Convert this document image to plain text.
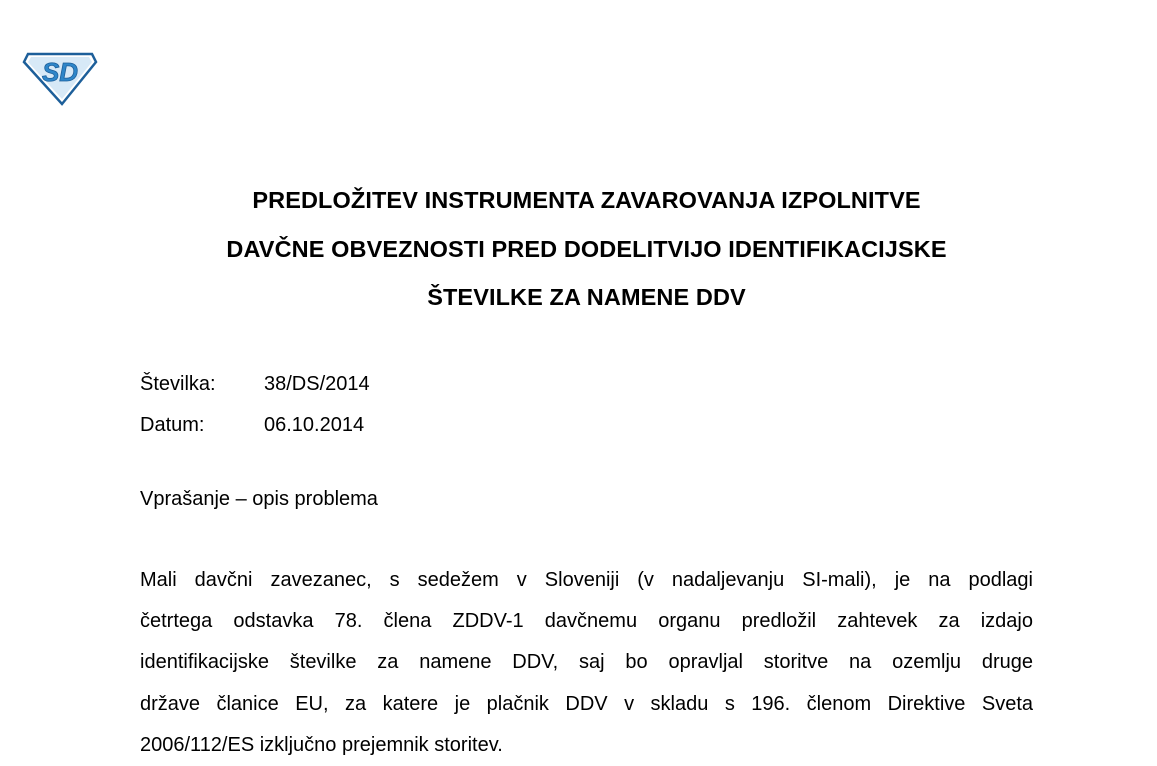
SD
PREDLOŽITEV INSTRUMENTA ZAVAROVANJA IZPOLNITVE
DAVČNE OBVEZNOSTI PRED DODELITVIJO IDENTIFIKACIJSKE
ŠTEVILKE ZA NAMENE DDV
Številka: 38/DS/2014
Datum:	06.10.2014
Vprašanje – opis problema
Mali davčni zavezanec, s sedežem v Sloveniji (v nadaljevanju SI-mali), je na podlagi
četrtega odstavka 78. člena ZDDV-1 davčnemu organu predložil zahtevek za izdajo
identifikacijske številke za namene DDV, saj bo opravljal storitve na ozemlju druge
države članice EU, za katere je plačnik DDV v skladu s 196. členom Direktive Sveta
2006/112/ES izključno prejemnik storitev.
